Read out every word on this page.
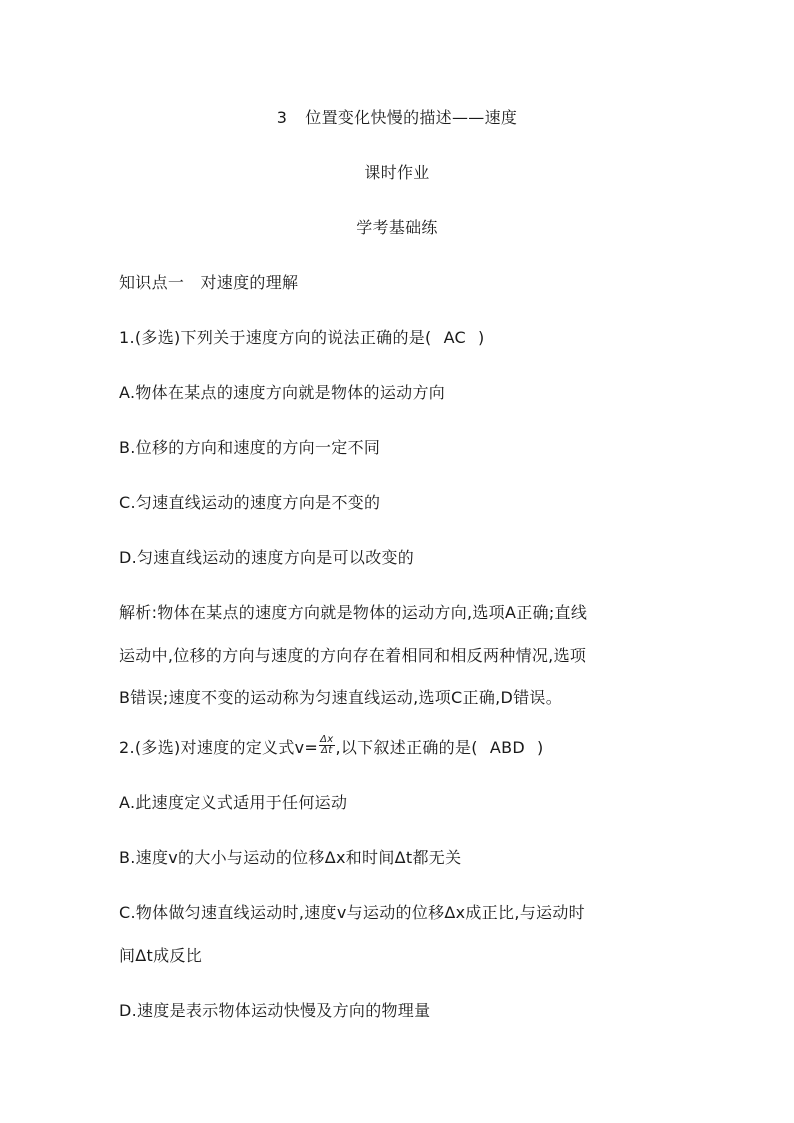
3 位置变化快慢的描述——速度
课时作业
学考基础练
知识点一　对速度的理解
1.(多选)下列关于速度方向的说法正确的是( AC )
A.物体在某点的速度方向就是物体的运动方向
B.位移的方向和速度的方向一定不同
C.匀速直线运动的速度方向是不变的
D.匀速直线运动的速度方向是可以改变的
解析:物体在某点的速度方向就是物体的运动方向,选项A正确;直线
运动中,位移的方向与速度的方向存在着相同和相反两种情况,选项
B错误;速度不变的运动称为匀速直线运动,选项C正确,D错误。
2.(多选)对速度的定义式$v= \frac{\Delta x}{\Delta t}$ ,以下叙述正确的是( ABD )
A.此速度定义式适用于任何运动
B.速度v的大小与运动的位移Δx和时间Δt都无关
C.物体做匀速直线运动时,速度v与运动的位移Δx成正比,与运动时
间Δt成反比
D.速度是表示物体运动快慢及方向的物理量
